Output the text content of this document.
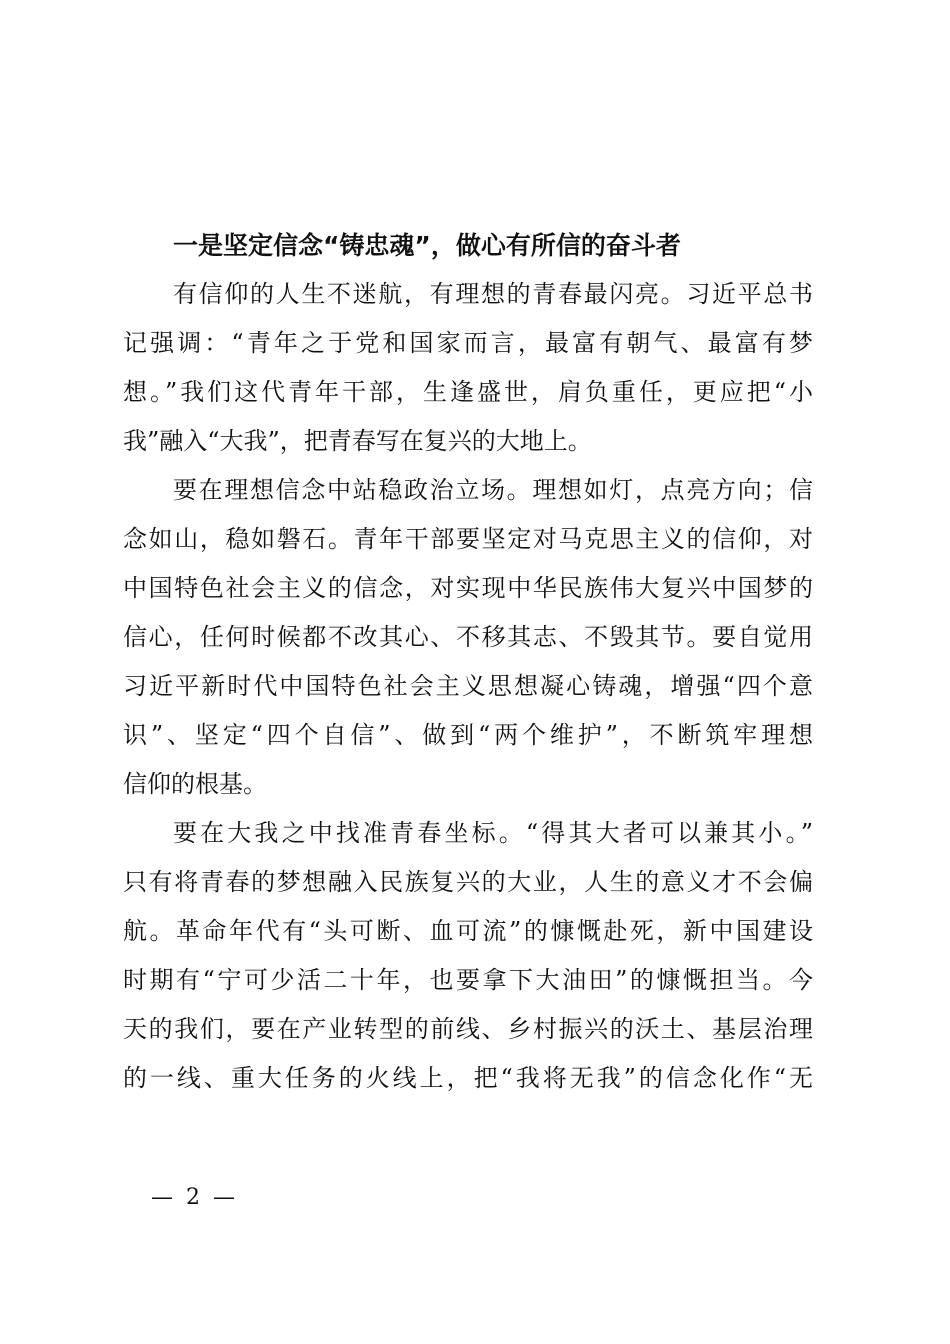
一是坚定信念“铸忠魂”，做心有所信的奋斗者
有信仰的人生不迷航，有理想的青春最闪亮。习近平总书
记强调：“青年之于党和国家而言，最富有朝气、最富有梦
想。”我们这代青年干部，生逢盛世，肩负重任，更应把“小
我”融入“大我”，把青春写在复兴的大地上。
要在理想信念中站稳政治立场。理想如灯，点亮方向；信
念如山，稳如磐石。青年干部要坚定对马克思主义的信仰，对
中国特色社会主义的信念，对实现中华民族伟大复兴中国梦的
信心，任何时候都不改其心、不移其志、不毁其节。要自觉用
习近平新时代中国特色社会主义思想凝心铸魂，增强“四个意
识”、坚定“四个自信”、做到“两个维护”，不断筑牢理想
信仰的根基。
要在大我之中找准青春坐标。“得其大者可以兼其小。”
只有将青春的梦想融入民族复兴的大业，人生的意义才不会偏
航。革命年代有“头可断、血可流”的慷慨赴死，新中国建设
时期有“宁可少活二十年，也要拿下大油田”的慷慨担当。今
天的我们，要在产业转型的前线、乡村振兴的沃土、基层治理
的一线、重大任务的火线上，把“我将无我”的信念化作“无
— 2 —
